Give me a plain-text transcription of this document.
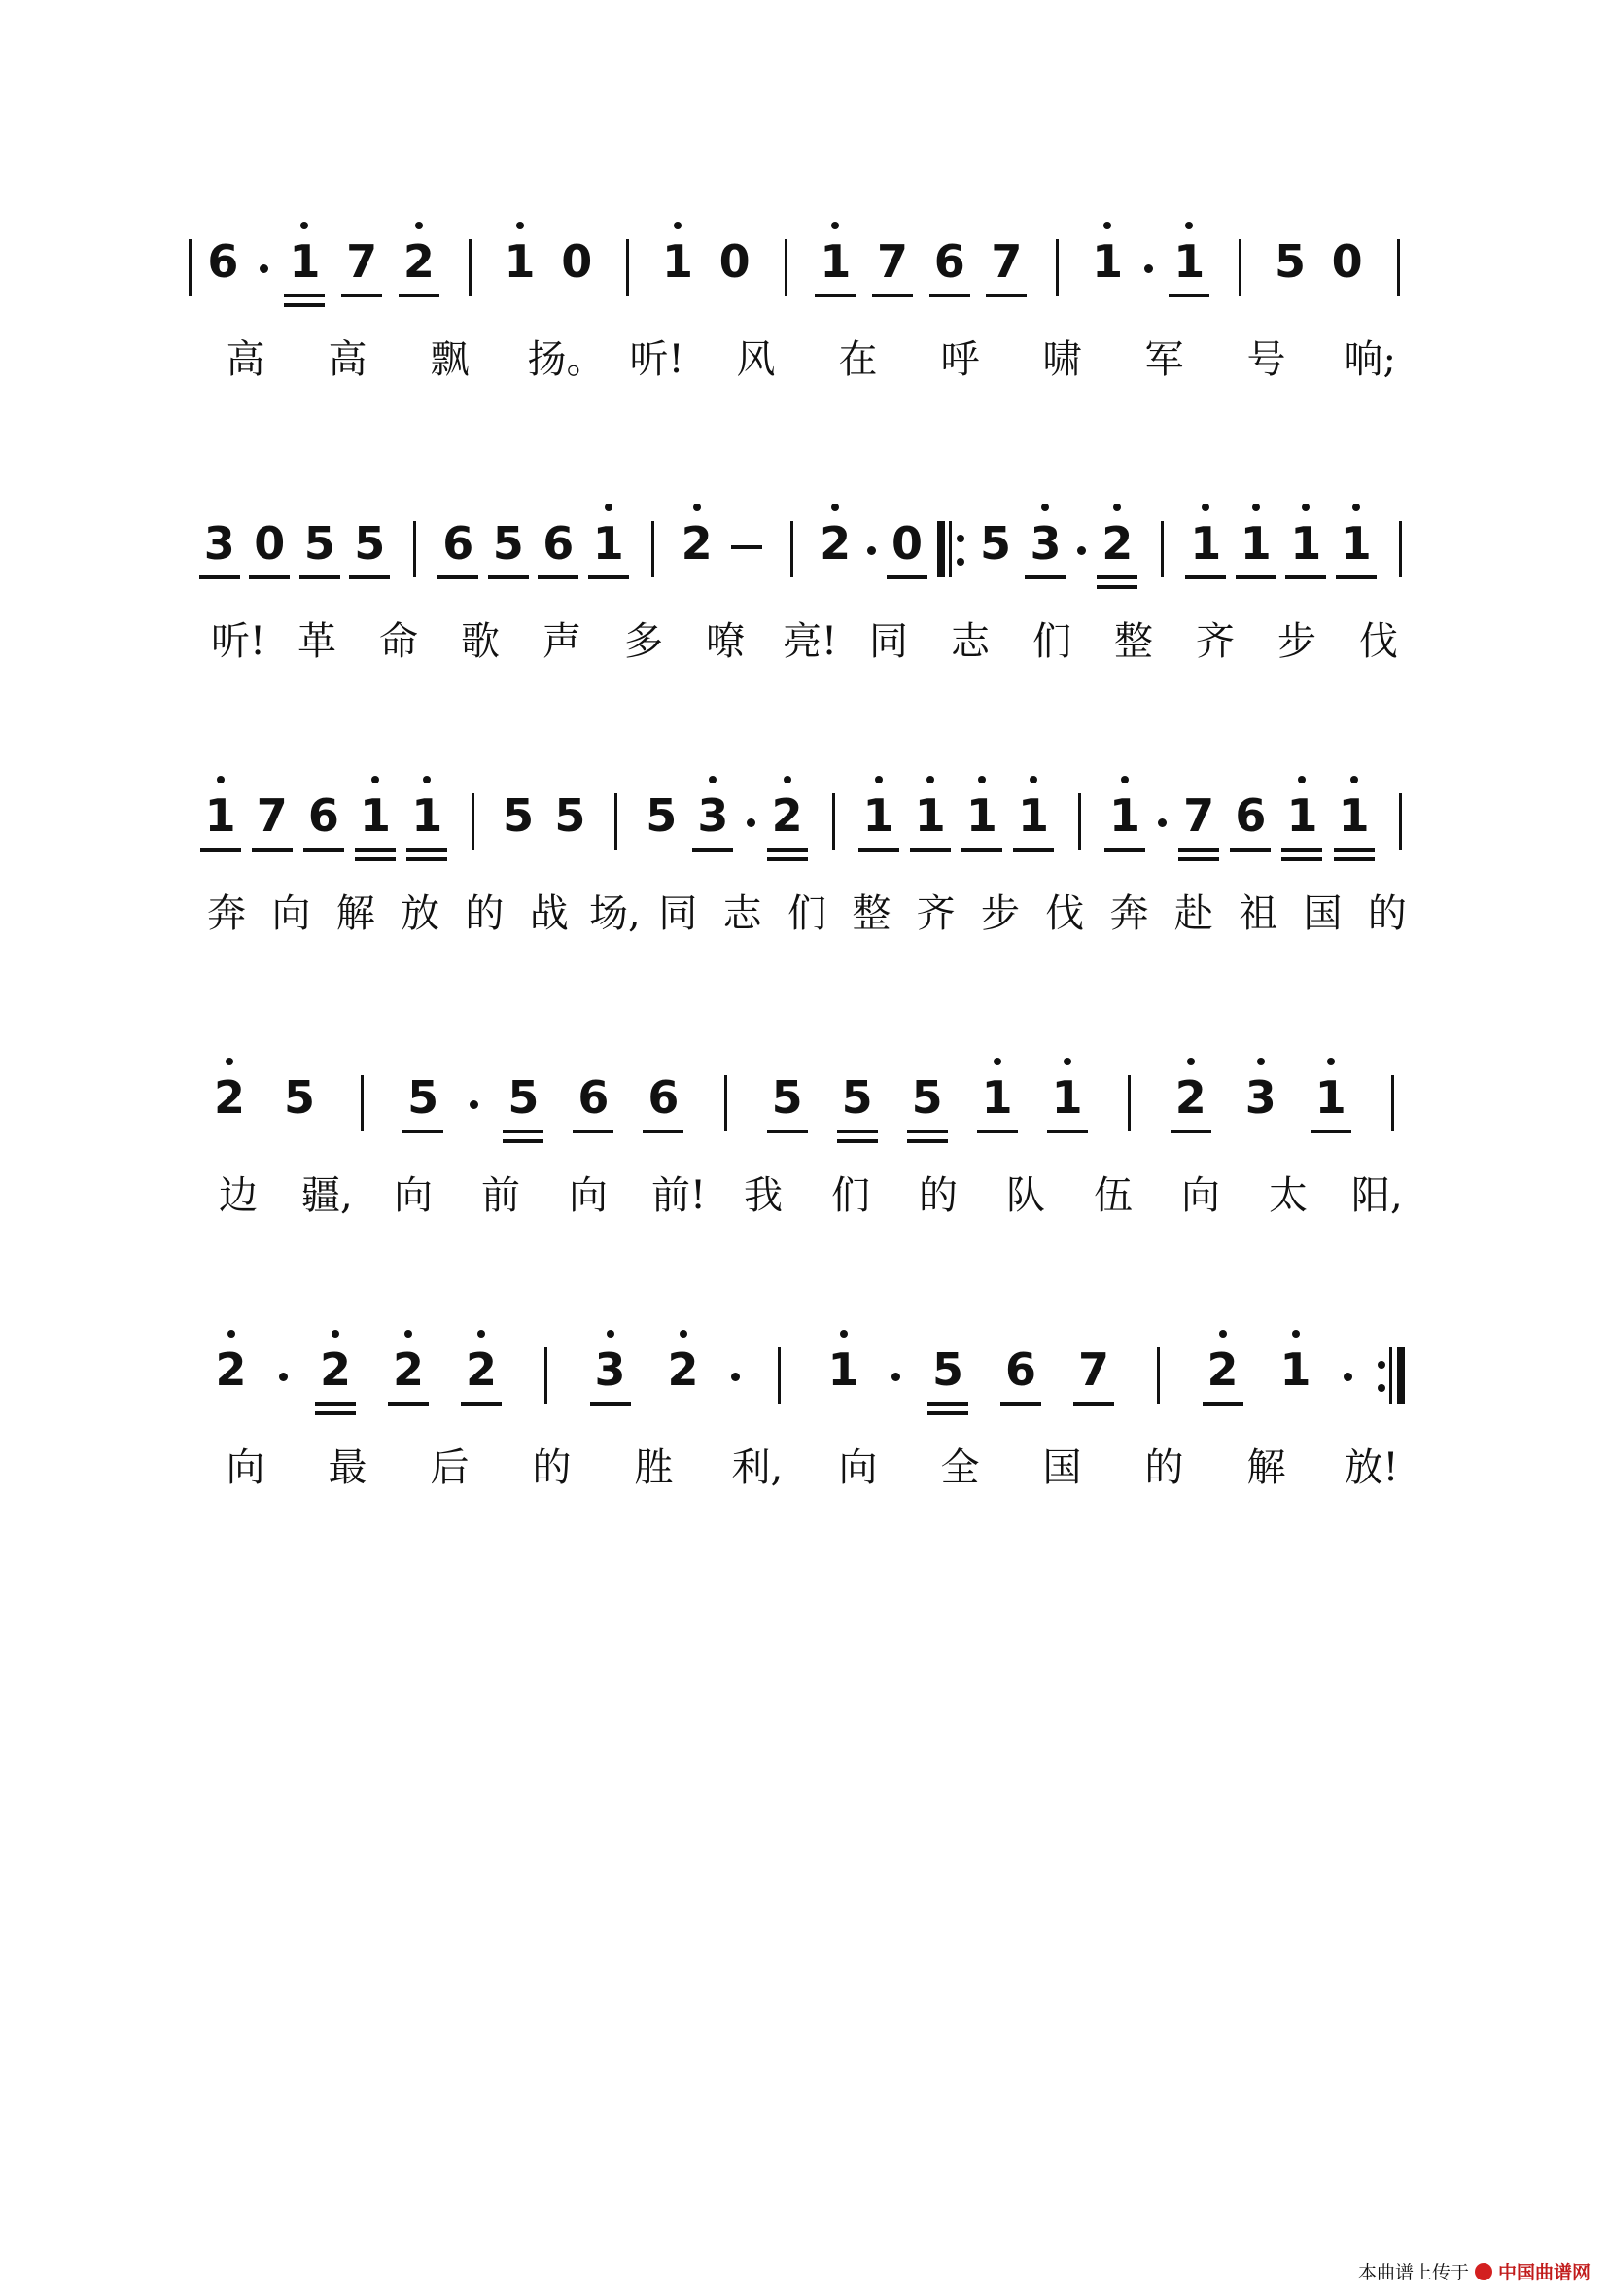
6 1 7 2 1 0 1 0 1 7 6 7 1 1 5 0
高 高 飘 扬。 听! 风 在 呼 啸 军 号 响;
3 0 5 5 6 5 6 1 2 2 0 5 3 2 1 1 1 1
听! 革 命 歌 声 多 嘹 亮! 同 志 们 整 齐 步 伐
1 7 6 1 1 5 5 5 3 2 1 1 1 1 1 7 6 1 1
奔 向 解 放 的 战 场, 同 志 们 整 齐 步 伐 奔 赴 祖 国 的
2 5 5 5 6 6 5 5 5 1 1 2 3 1
边 疆, 向 前 向 前! 我 们 的 队 伍 向 太 阳,
2 2 2 2 3 2	1 5 6 7 2 1
向 最 后 的 胜 利, 向 全 国 的 解 放!
本曲谱上传于 中国曲谱网
